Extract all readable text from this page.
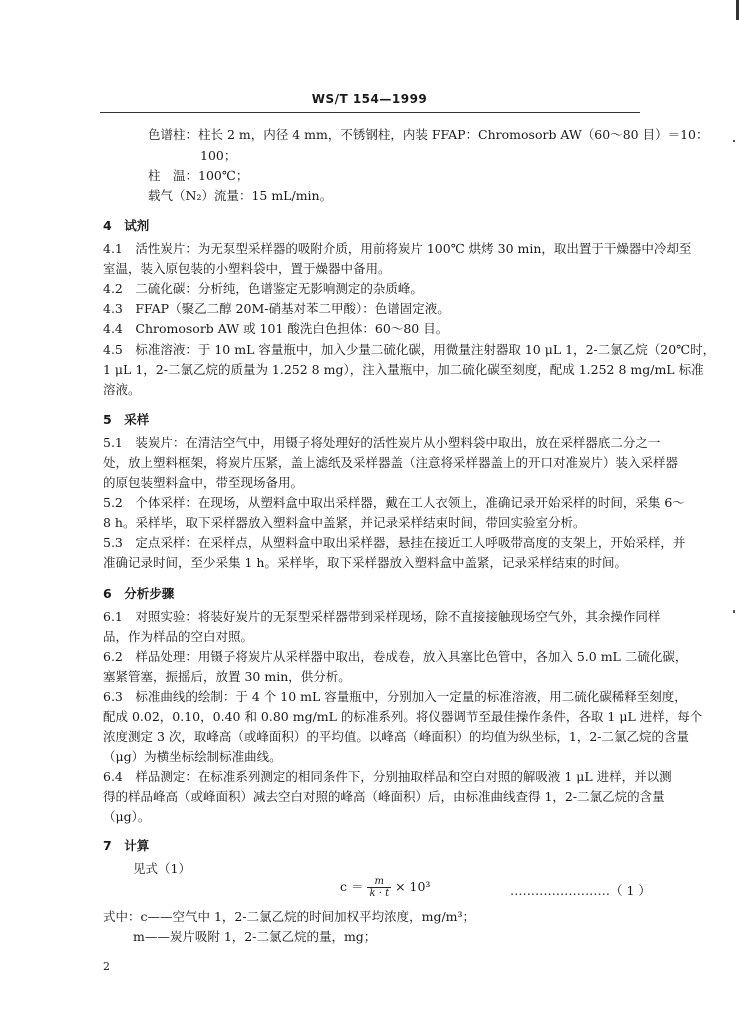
WS/T 154—1999
色谱柱：柱长 2 m，内径 4 mm，不锈钢柱，内装 FFAP：Chromosorb AW（60～80 目）＝10：
100；
柱　温：100℃；
载气（N₂）流量：15 mL/min。
4　试剂
4.1　活性炭片：为无泵型采样器的吸附介质，用前将炭片 100℃ 烘烤 30 min，取出置于干燥器中冷却至
室温，装入原包装的小塑料袋中，置于燥器中备用。
4.2　二硫化碳：分析纯，色谱鉴定无影响测定的杂质峰。
4.3　FFAP（聚乙二醇 20M-硝基对苯二甲酸）：色谱固定液。
4.4　Chromosorb AW 或 101 酸洗白色担体：60～80 目。
4.5　标准溶液：于 10 mL 容量瓶中，加入少量二硫化碳，用微量注射器取 10 μL 1，2-二氯乙烷（20℃时，
1 μL 1，2-二氯乙烷的质量为 1.252 8 mg），注入量瓶中，加二硫化碳至刻度，配成 1.252 8 mg/mL 标准
溶液。
5　采样
5.1　装炭片：在清洁空气中，用镊子将处理好的活性炭片从小塑料袋中取出，放在采样器底二分之一
处，放上塑料框架，将炭片压紧，盖上滤纸及采样器盖（注意将采样器盖上的开口对准炭片）装入采样器
的原包装塑料盒中，带至现场备用。
5.2　个体采样：在现场，从塑料盒中取出采样器，戴在工人衣领上，准确记录开始采样的时间，采集 6～
8 h。采样毕，取下采样器放入塑料盒中盖紧，并记录采样结束时间，带回实验室分析。
5.3　定点采样：在采样点，从塑料盒中取出采样器，悬挂在接近工人呼吸带高度的支架上，开始采样，并
准确记录时间，至少采集 1 h。采样毕，取下采样器放入塑料盒中盖紧，记录采样结束的时间。
6　分析步骤
6.1　对照实验：将装好炭片的无泵型采样器带到采样现场，除不直接接触现场空气外，其余操作同样
品，作为样品的空白对照。
6.2　样品处理：用镊子将炭片从采样器中取出，卷成卷，放入具塞比色管中，各加入 5.0 mL 二硫化碳，
塞紧管塞，振摇后，放置 30 min，供分析。
6.3　标准曲线的绘制：于 4 个 10 mL 容量瓶中，分别加入一定量的标准溶液，用二硫化碳稀释至刻度，
配成 0.02，0.10，0.40 和 0.80 mg/mL 的标准系列。将仪器调节至最佳操作条件，各取 1 μL 进样，每个
浓度测定 3 次，取峰高（或峰面积）的平均值。以峰高（峰面积）的均值为纵坐标，1，2-二氯乙烷的含量
（μg）为横坐标绘制标准曲线。
6.4　样品测定：在标准系列测定的相同条件下，分别抽取样品和空白对照的解吸液 1 μL 进样，并以测
得的样品峰高（或峰面积）减去空白对照的峰高（峰面积）后，由标准曲线查得 1，2-二氯乙烷的含量
（μg）。
7　计算
见式（1）
$c = \frac{m}{k \cdot t} \times 10^3$	……………………（ 1 ）
式中：c——空气中 1，2-二氯乙烷的时间加权平均浓度，mg/m³；
m——炭片吸附 1，2-二氯乙烷的量，mg；
2
